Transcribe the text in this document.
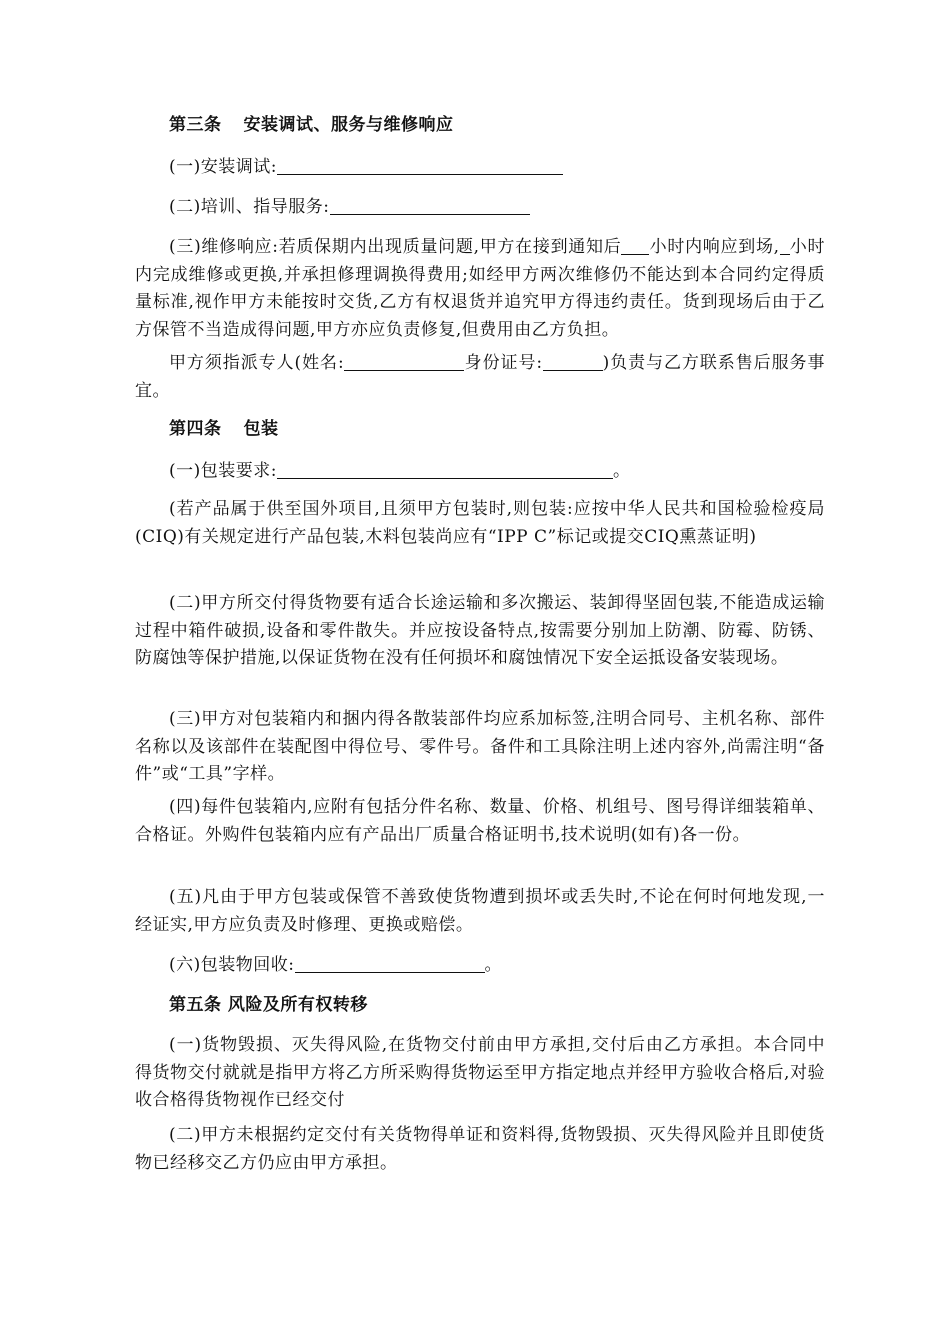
第三条 安装调试、服务与维修响应
(一)安装调试:
(二)培训、指导服务:
(三)维修响应:若质保期内出现质量问题,甲方在接到通知后 小时内响应到场, 小时内完成维修或更换,并承担修理调换得费用;如经甲方两次维修仍不能达到本合同约定得质量标准,视作甲方未能按时交货,乙方有权退货并追究甲方得违约责任。货到现场后由于乙方保管不当造成得问题,甲方亦应负责修复,但费用由乙方负担。
甲方须指派专人(姓名:	身份证号:	)负责与乙方联系售后服务事宜。
第四条 包装
(一)包装要求:	。
(若产品属于供至国外项目,且须甲方包装时,则包装:应按中华人民共和国检验检疫局(CIQ)有关规定进行产品包装,木料包装尚应有“IPP C”标记或提交CIQ熏蒸证明)
(二)甲方所交付得货物要有适合长途运输和多次搬运、装卸得坚固包装,不能造成运输过程中箱件破损,设备和零件散失。并应按设备特点,按需要分别加上防潮、防霉、防锈、防腐蚀等保护措施,以保证货物在没有任何损坏和腐蚀情况下安全运抵设备安装现场。
(三)甲方对包装箱内和捆内得各散装部件均应系加标签,注明合同号、主机名称、部件名称以及该部件在装配图中得位号、零件号。备件和工具除注明上述内容外,尚需注明“备件”或“工具”字样。
(四)每件包装箱内,应附有包括分件名称、数量、价格、机组号、图号得详细装箱单、合格证。外购件包装箱内应有产品出厂质量合格证明书,技术说明(如有)各一份。
(五)凡由于甲方包装或保管不善致使货物遭到损坏或丢失时,不论在何时何地发现,一经证实,甲方应负责及时修理、更换或赔偿。
(六)包装物回收:	。
第五条 风险及所有权转移
(一)货物毁损、灭失得风险,在货物交付前由甲方承担,交付后由乙方承担。本合同中得货物交付就就是指甲方将乙方所采购得货物运至甲方指定地点并经甲方验收合格后,对验收合格得货物视作已经交付
(二)甲方未根据约定交付有关货物得单证和资料得,货物毁损、灭失得风险并且即使货物已经移交乙方仍应由甲方承担。
